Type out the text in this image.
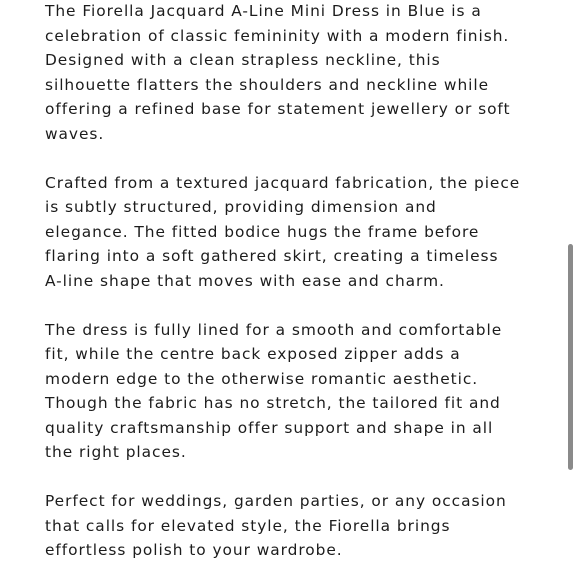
The Fiorella Jacquard A-Line Mini Dress in Blue is a
celebration of classic femininity with a modern finish.
Designed with a clean strapless neckline, this
silhouette flatters the shoulders and neckline while
offering a refined base for statement jewellery or soft
waves.

Crafted from a textured jacquard fabrication, the piece
is subtly structured, providing dimension and
elegance. The fitted bodice hugs the frame before
flaring into a soft gathered skirt, creating a timeless
A-line shape that moves with ease and charm.

The dress is fully lined for a smooth and comfortable
fit, while the centre back exposed zipper adds a
modern edge to the otherwise romantic aesthetic.
Though the fabric has no stretch, the tailored fit and
quality craftsmanship offer support and shape in all
the right places.

Perfect for weddings, garden parties, or any occasion
that calls for elevated style, the Fiorella brings
effortless polish to your wardrobe.
